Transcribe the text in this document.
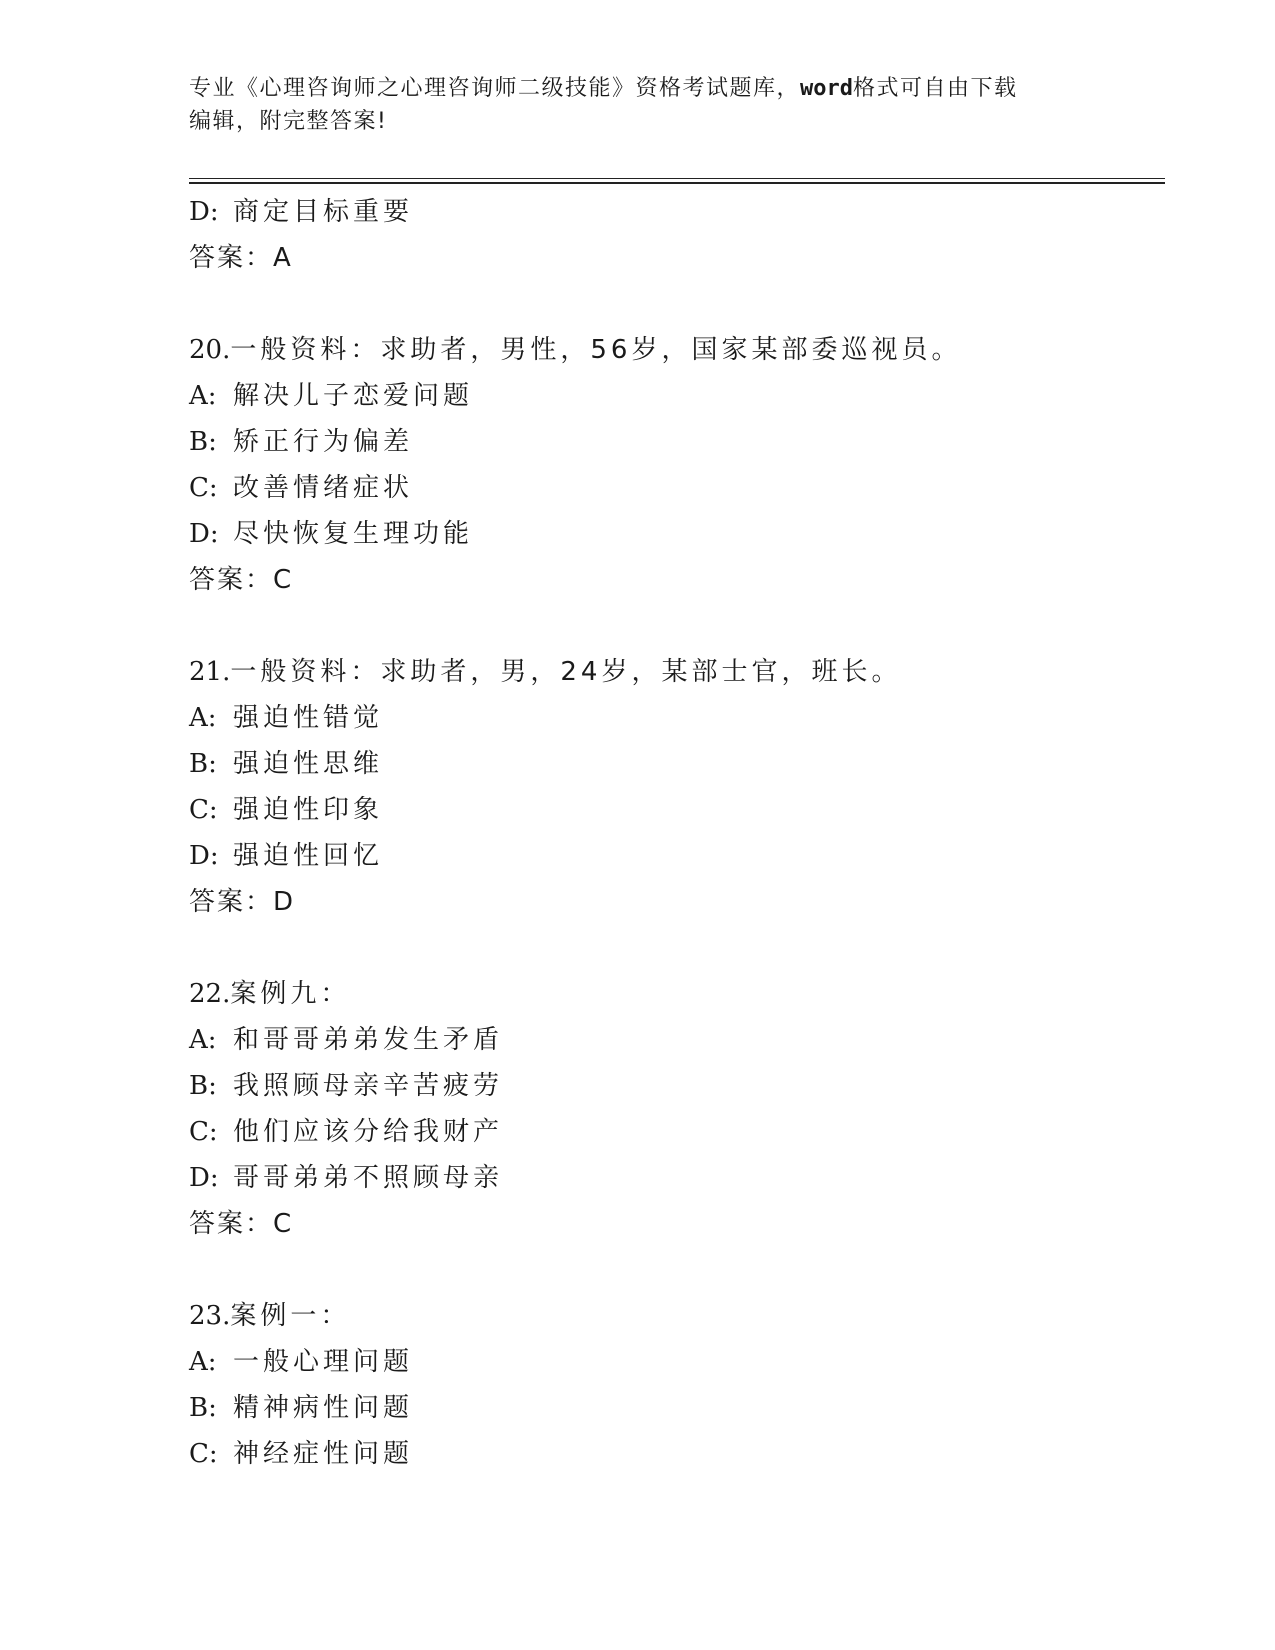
专业《心理咨询师之心理咨询师二级技能》资格考试题库，word格式可自由下载
编辑，附完整答案!
D: 商定目标重要
答案：A
20.一般资料：求助者，男性，56岁，国家某部委巡视员。
A: 解决儿子恋爱问题
B: 矫正行为偏差
C: 改善情绪症状
D: 尽快恢复生理功能
答案：C
21.一般资料：求助者，男，24岁，某部士官，班长。
A: 强迫性错觉
B: 强迫性思维
C: 强迫性印象
D: 强迫性回忆
答案：D
22.案例九：
A: 和哥哥弟弟发生矛盾
B: 我照顾母亲辛苦疲劳
C: 他们应该分给我财产
D: 哥哥弟弟不照顾母亲
答案：C
23.案例一：
A: 一般心理问题
B: 精神病性问题
C: 神经症性问题
